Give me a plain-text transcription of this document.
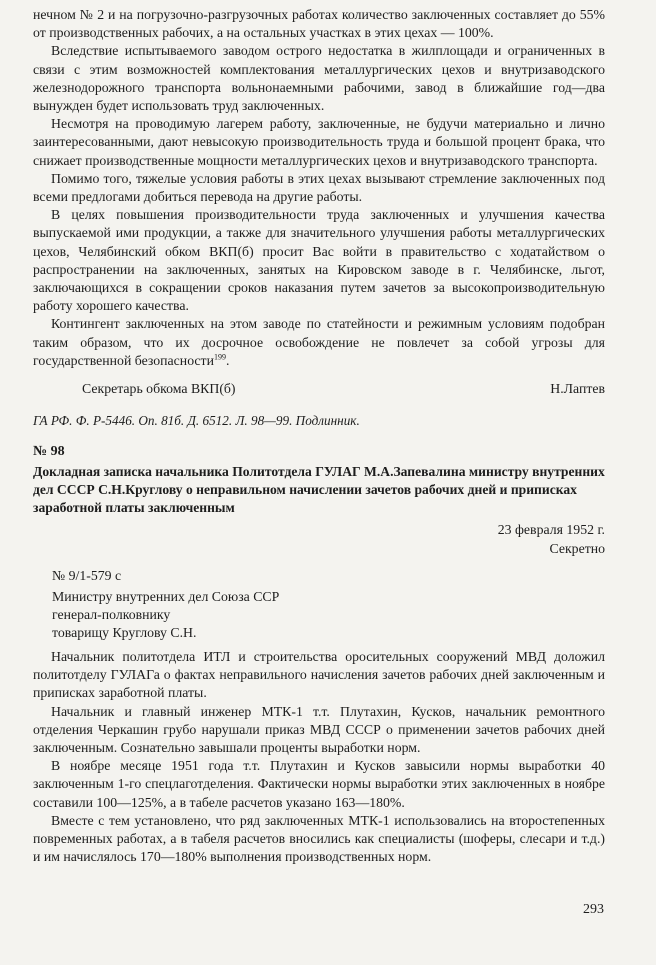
нечном № 2 и на погрузочно-разгрузочных работах количество заключенных составляет до 55% от производственных рабочих, а на остальных участках в этих цехах — 100%.

Вследствие испытываемого заводом острого недостатка в жилплощади и ограниченных в связи с этим возможностей комплектования металлургических цехов и внутризаводского железнодорожного транспорта вольнонаемными рабочими, завод в ближайшие год—два вынужден будет использовать труд заключенных.

Несмотря на проводимую лагерем работу, заключенные, не будучи материально и лично заинтересованными, дают невысокую производительность труда и большой процент брака, что снижает производственные мощности металлургических цехов и внутризаводского транспорта.

Помимо того, тяжелые условия работы в этих цехах вызывают стремление заключенных под всеми предлогами добиться перевода на другие работы.

В целях повышения производительности труда заключенных и улучшения качества выпускаемой ими продукции, а также для значительного улучшения работы металлургических цехов, Челябинский обком ВКП(б) просит Вас войти в правительство с ходатайством о распространении на заключенных, занятых на Кировском заводе в г. Челябинске, льгот, заключающихся в сокращении сроков наказания путем зачетов за высокопроизводительную работу хорошего качества.

Контингент заключенных на этом заводе по статейности и режимным условиям подобран таким образом, что их досрочное освобождение не повлечет за собой угрозы для государственной безопасности$^{199}$.

Секретарь обкома ВКП(б)	Н.Лаптев
ГА РФ. Ф. Р-5446. Оп. 81б. Д. 6512. Л. 98—99. Подлинник.
№ 98

Докладная записка начальника Политотдела ГУЛАГ М.А.Запевалина министру внутренних дел СССР С.Н.Круглову о неправильном начислении зачетов рабочих дней и приписках заработной платы заключенным

23 февраля 1952 г.
Секретно
№ 9/1-579 с
Министру внутренних дел Союза ССР
генерал-полковнику
товарищу Круглову С.Н.

Начальник политотдела ИТЛ и строительства оросительных сооружений МВД доложил политотделу ГУЛАГа о фактах неправильного начисления зачетов рабочих дней заключенным и приписках заработной платы.

Начальник и главный инженер МТК-1 т.т. Плутахин, Кусков, начальник ремонтного отделения Черкашин грубо нарушали приказ МВД СССР о применении зачетов рабочих дней заключенным. Сознательно завышали проценты выработки норм.

В ноябре месяце 1951 года т.т. Плутахин и Кусков завысили нормы выработки 40 заключенным 1-го спецлаготделения. Фактически нормы выработки этих заключенных в ноябре составили 100—125%, а в табеле расчетов указано 163—180%.

Вместе с тем установлено, что ряд заключенных МТК-1 использовались на второстепенных повременных работах, а в табеля расчетов вносились как специалисты (шоферы, слесари и т.д.) и им начислялось 170—180% выполнения производственных норм.

293
